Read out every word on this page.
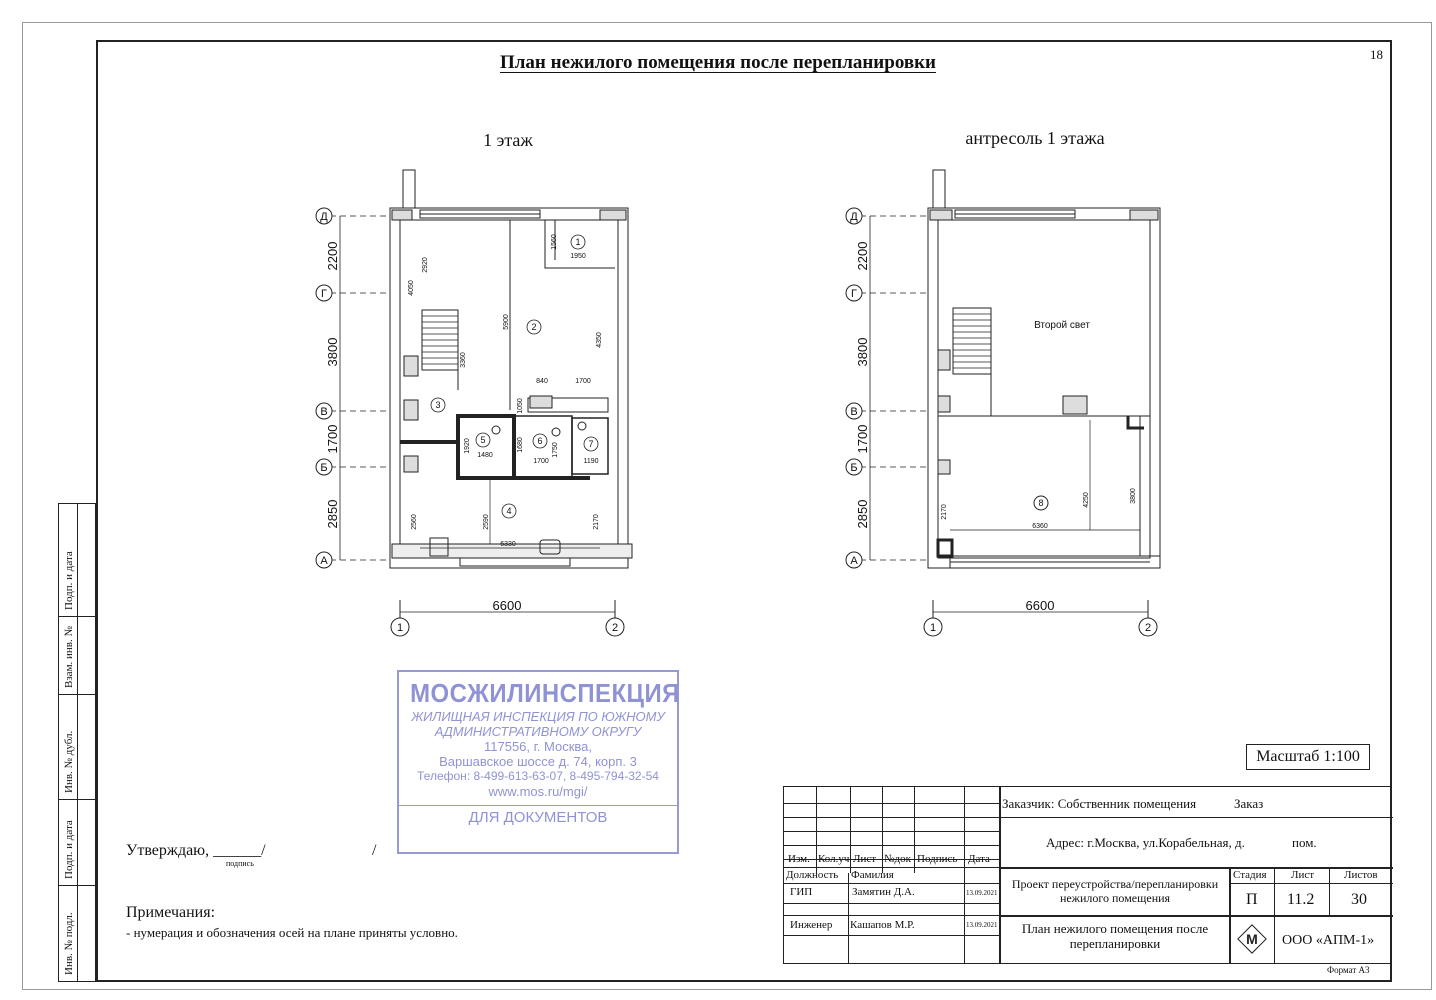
План нежилого помещения после перепланировки	18
1 этаж	антресоль 1 этажа
Д
Г
В
Б
А
1	2
6600
2200
3800
1700
2850
1
2
3
4
5	6	7
1560
1950
2920
4050
5900
4350
3360
840	1700
1050
1920
1480
1680	1750
1700	1190
2560	2590	2170
6330
Д
Г
В
Б
А
1	2
6600
8
Второй свет
2200
3800
1700
2850	2170
4250	3800
6360
МОСЖИЛИНСПЕКЦИЯ
ЖИЛИЩНАЯ ИНСПЕКЦИЯ ПО ЮЖНОМУ
АДМИНИСТРАТИВНОМУ ОКРУГУ
117556, г. Москва,
Варшавское шоссе д. 74, корп. 3
Телефон: 8-499-613-63-07, 8-495-794-32-54
www.mos.ru/mgi/
ДЛЯ ДОКУМЕНТОВ
Утверждаю, ______/	/
подпись
Примечания:
- нумерация и обозначения осей на плане приняты условно.
Подп. и дата
Взам. инв. №
Инв. № дубл.
Подп. и дата
Инв. № подл.
Масштаб 1:100
Заказчик: Собственник помещения	Заказ
Адрес: г.Москва, ул.Корабельная, д.	пом.
Изм. Кол.уч Лист №док Подпись Дата
Должность Фамилия
ГИП	Замятин Д.А.	13.09.2021
Инженер Кашапов М.Р.	13.09.2021
Проект переустройства/перепланировки нежилого помещения
Стадия Лист	Листов
П 11.2 30
План нежилого помещения после перепланировки	M ООО «АПМ-1»
Формат А3
